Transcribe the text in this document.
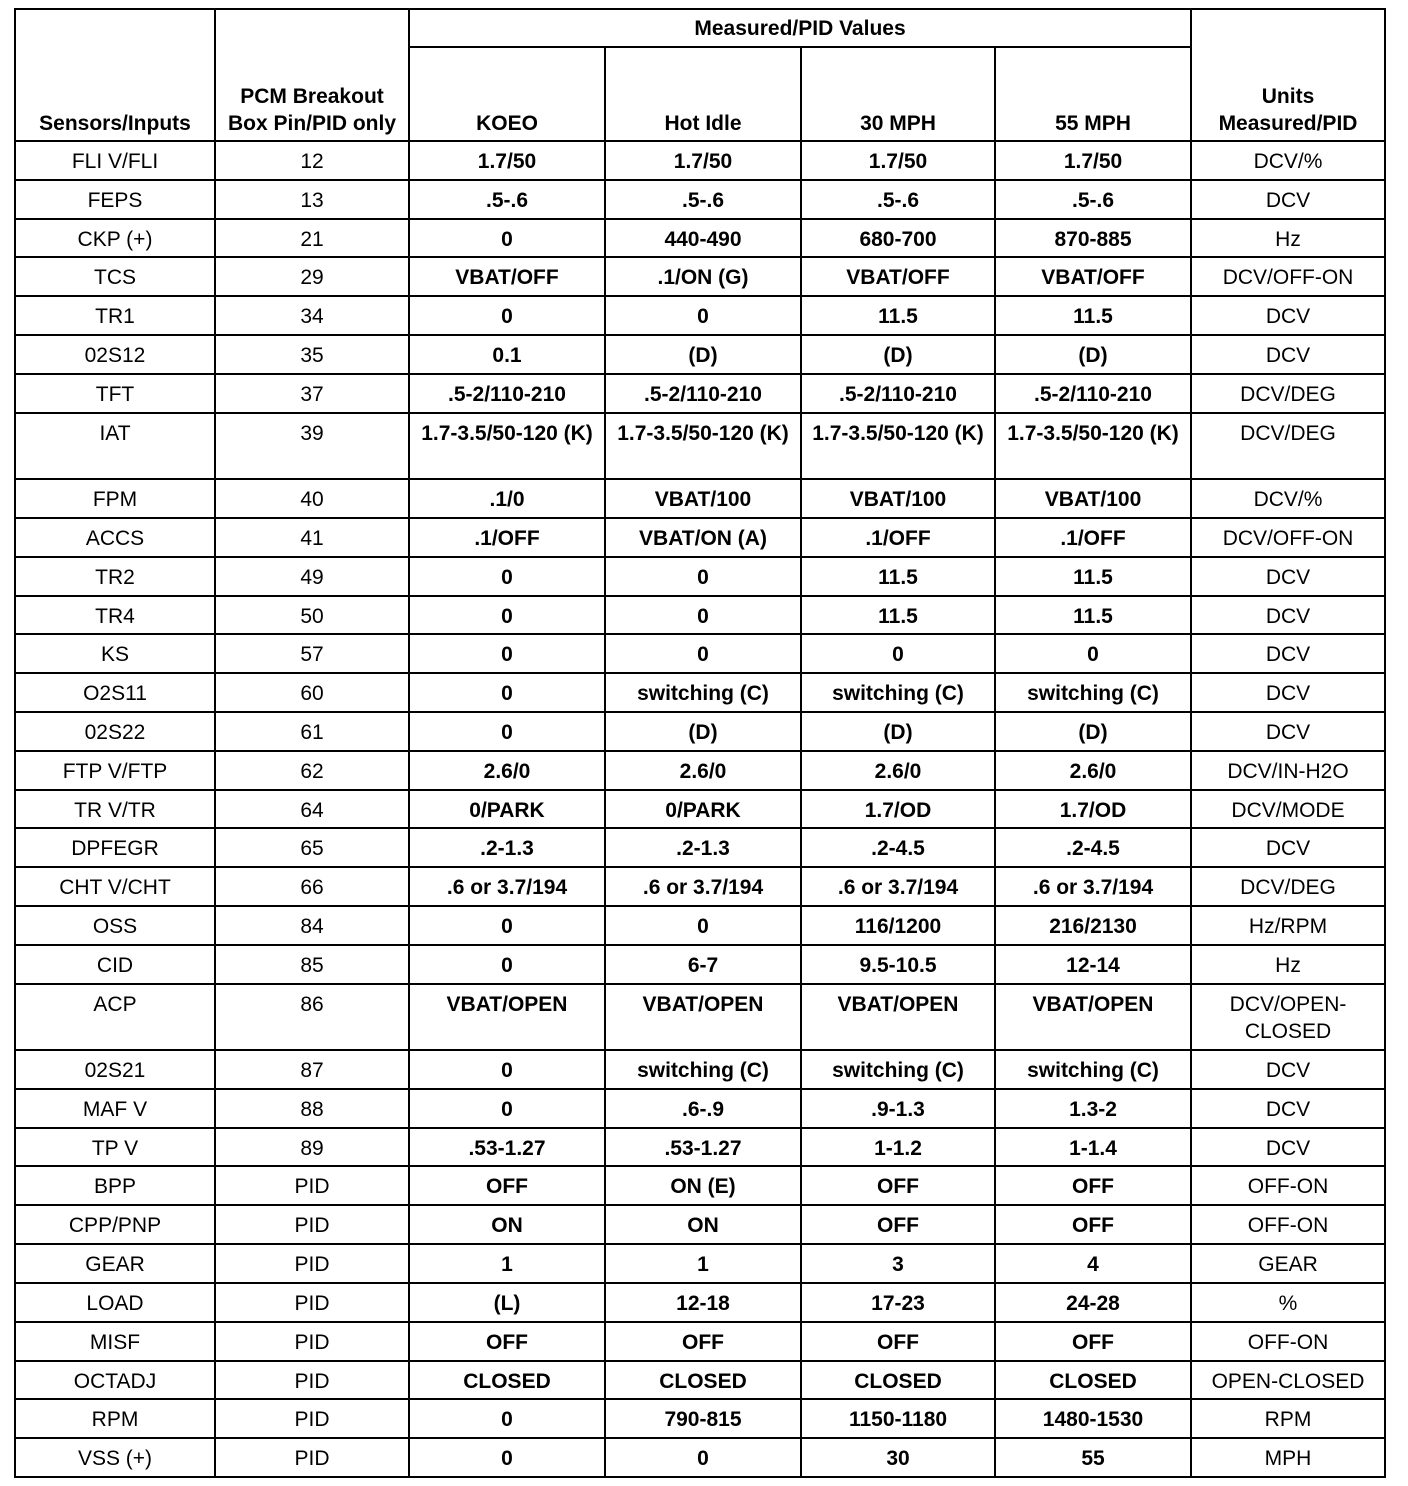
Sensors/Inputs	PCM Breakout Box Pin/PID only	Measured/PID Values				Units Measured/PID
		KOEO	Hot Idle	30 MPH	55 MPH	
FLI V/FLI	12	1.7/50	1.7/50	1.7/50	1.7/50	DCV/%
FEPS	13	.5-.6	.5-.6	.5-.6	.5-.6	DCV
CKP (+)	21	0	440-490	680-700	870-885	Hz
TCS	29	VBAT/OFF	.1/ON (G)	VBAT/OFF	VBAT/OFF	DCV/OFF-ON
TR1	34	0	0	11.5	11.5	DCV
02S12	35	0.1	(D)	(D)	(D)	DCV
TFT	37	.5-2/110-210	.5-2/110-210	.5-2/110-210	.5-2/110-210	DCV/DEG
IAT	39	1.7-3.5/50-120 (K)	1.7-3.5/50-120 (K)	1.7-3.5/50-120 (K)	1.7-3.5/50-120 (K)	DCV/DEG
FPM	40	.1/0	VBAT/100	VBAT/100	VBAT/100	DCV/%
ACCS	41	.1/OFF	VBAT/ON (A)	.1/OFF	.1/OFF	DCV/OFF-ON
TR2	49	0	0	11.5	11.5	DCV
TR4	50	0	0	11.5	11.5	DCV
KS	57	0	0	0	0	DCV
O2S11	60	0	switching (C)	switching (C)	switching (C)	DCV
02S22	61	0	(D)	(D)	(D)	DCV
FTP V/FTP	62	2.6/0	2.6/0	2.6/0	2.6/0	DCV/IN-H2O
TR V/TR	64	0/PARK	0/PARK	1.7/OD	1.7/OD	DCV/MODE
DPFEGR	65	.2-1.3	.2-1.3	.2-4.5	.2-4.5	DCV
CHT V/CHT	66	.6 or 3.7/194	.6 or 3.7/194	.6 or 3.7/194	.6 or 3.7/194	DCV/DEG
OSS	84	0	0	116/1200	216/2130	Hz/RPM
CID	85	0	6-7	9.5-10.5	12-14	Hz
ACP	86	VBAT/OPEN	VBAT/OPEN	VBAT/OPEN	VBAT/OPEN	DCV/OPEN-CLOSED
02S21	87	0	switching (C)	switching (C)	switching (C)	DCV
MAF V	88	0	.6-.9	.9-1.3	1.3-2	DCV
TP V	89	.53-1.27	.53-1.27	1-1.2	1-1.4	DCV
BPP	PID	OFF	ON (E)	OFF	OFF	OFF-ON
CPP/PNP	PID	ON	ON	OFF	OFF	OFF-ON
GEAR	PID	1	1	3	4	GEAR
LOAD	PID	(L)	12-18	17-23	24-28	%
MISF	PID	OFF	OFF	OFF	OFF	OFF-ON
OCTADJ	PID	CLOSED	CLOSED	CLOSED	CLOSED	OPEN-CLOSED
RPM	PID	0	790-815	1150-1180	1480-1530	RPM
VSS (+)	PID	0	0	30	55	MPH
